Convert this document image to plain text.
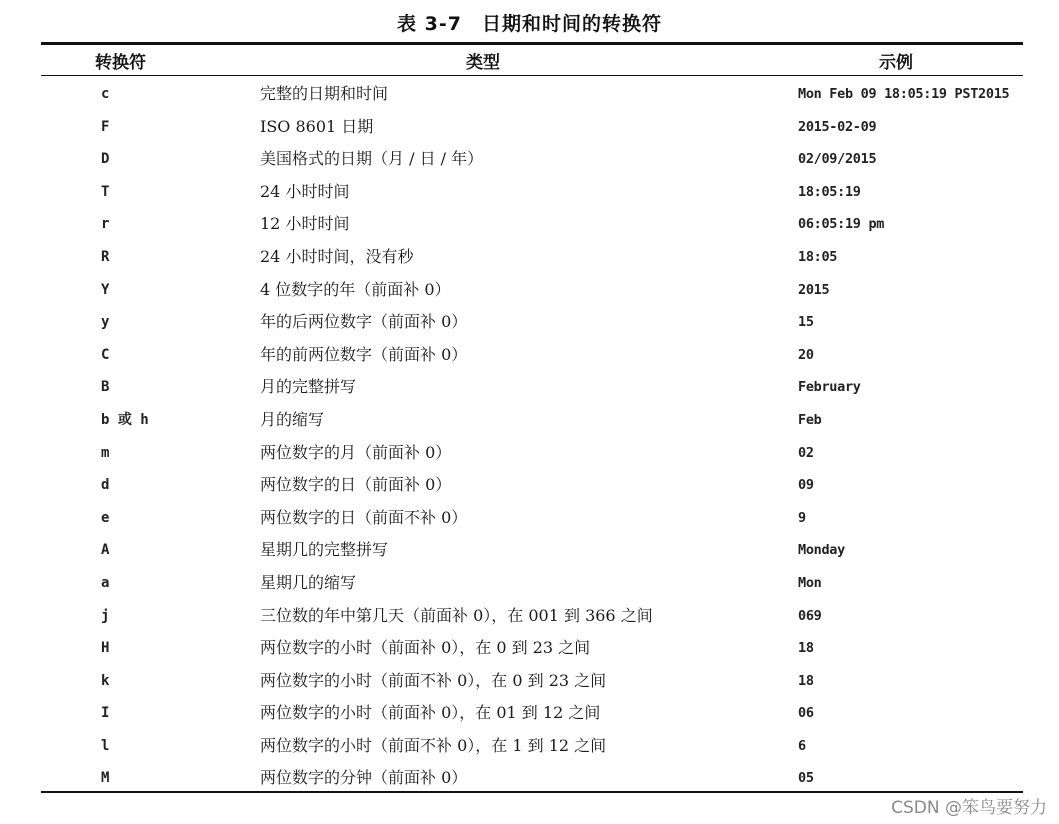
表 3-7　日期和时间的转换符
转换符	类型	示例
c	完整的日期和时间	Mon Feb 09 18:05:19 PST2015
F	ISO 8601 日期	2015-02-09
D	美国格式的日期（月 / 日 / 年）	02/09/2015
T	24 小时时间	18:05:19
r	12 小时时间	06:05:19 pm
R	24 小时时间，没有秒	18:05
Y	4 位数字的年（前面补 0）	2015
y	年的后两位数字（前面补 0）	15
C	年的前两位数字（前面补 0）	20
B	月的完整拼写	February
b 或 h	月的缩写	Feb
m	两位数字的月（前面补 0）	02
d	两位数字的日（前面补 0）	09
e	两位数字的日（前面不补 0）	9
A	星期几的完整拼写	Monday
a	星期几的缩写	Mon
j	三位数的年中第几天（前面补 0），在 001 到 366 之间	069
H	两位数字的小时（前面补 0），在 0 到 23 之间	18
k	两位数字的小时（前面不补 0），在 0 到 23 之间	18
I	两位数字的小时（前面补 0），在 01 到 12 之间	06
l	两位数字的小时（前面不补 0），在 1 到 12 之间	6
M	两位数字的分钟（前面补 0）	05
CSDN @笨鸟要努力
